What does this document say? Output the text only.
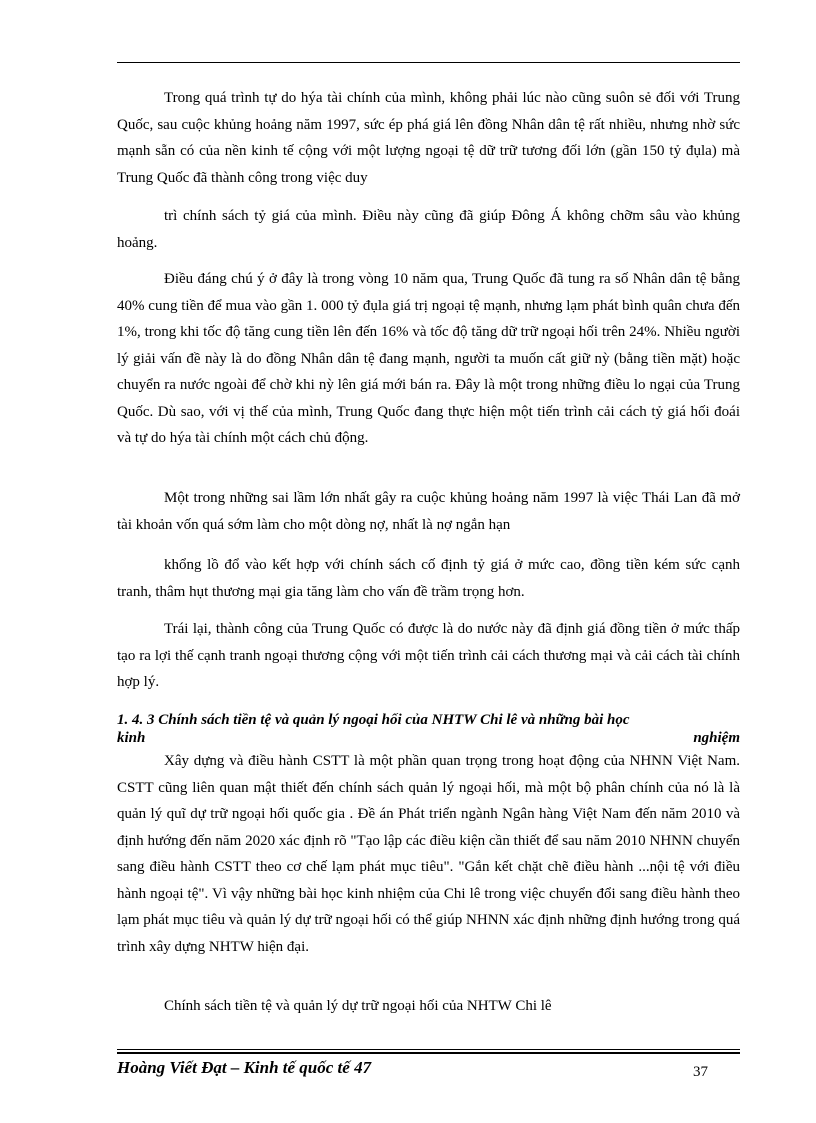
Trong quá trình tự do hýa tài chính của mình, không phải lúc nào cũng suôn sẻ đối với Trung Quốc, sau cuộc khủng hoảng năm 1997, sức ép phá giá lên đồng Nhân dân tệ rất nhiều, nhưng nhờ sức mạnh sẵn có của nền kinh tế cộng với một lượng ngoại tệ dữ trữ tương đối lớn (gần 150 tỷ đụla) mà Trung Quốc đã thành công trong việc duy

trì chính sách tỷ giá của mình. Điều này cũng đã giúp Đông Á không chỡm sâu vào khủng hoảng.

Điều đáng chú ý ở đây là trong vòng 10 năm qua, Trung Quốc đã tung ra số Nhân dân tệ bằng 40% cung tiền để mua vào gần 1. 000 tỷ đụla giá trị ngoại tệ mạnh, nhưng lạm phát bình quân chưa đến 1%, trong khi tốc độ tăng cung tiền lên đến 16% và tốc độ tăng dữ trữ ngoại hối trên 24%. Nhiều người lý giải vấn đề này là do đồng Nhân dân tệ đang mạnh, người ta muốn cất giữ nỳ (bằng tiền mặt) hoặc chuyển ra nước ngoài để chờ khi nỳ lên giá mới bán ra. Đây là một trong những điều lo ngại của Trung Quốc. Dù sao, với vị thế của mình, Trung Quốc đang thực hiện một tiến trình cải cách tỷ giá hối đoái và tự do hýa tài chính một cách chủ động.

Một trong những sai lầm lớn nhất gây ra cuộc khủng hoảng năm 1997 là việc Thái Lan đã mở tài khoản vốn quá sớm làm cho một dòng nợ, nhất là nợ ngắn hạn

khổng lồ đổ vào kết hợp với chính sách cố định tỷ giá ở mức cao, đồng tiền kém sức cạnh tranh, thâm hụt thương mại gia tăng làm cho vấn đề trầm trọng hơn.

Trái lại, thành công của Trung Quốc có được là do nước này đã định giá đồng tiền ở mức thấp tạo ra lợi thế cạnh tranh ngoại thương cộng với một tiến trình cải cách thương mại và cải cách tài chính hợp lý.

1. 4. 3 Chính sách tiền tệ và quản lý ngoại hối của NHTW Chi lê và những bài học
kinh	nghiệm

Xây dựng và điều hành CSTT là một phần quan trọng trong hoạt động của NHNN Việt Nam. CSTT cũng liên quan mật thiết đến chính sách quản lý ngoại hối, mà một bộ phân chính của nó là là quản lý quĩ dự trữ ngoại hối quốc gia . Đề án Phát triển ngành Ngân hàng Việt Nam đến năm 2010 và định hướng đến năm 2020 xác định rõ "Tạo lập các điều kiện cần thiết để sau năm 2010 NHNN chuyển sang điều hành CSTT theo cơ chế lạm phát mục tiêu". "Gắn kết chặt chẽ điều hành ...nội tệ với điều hành ngoại tệ". Vì vậy những bài học kinh nhiệm của Chi lê trong việc chuyển đổi sang điều hành theo lạm phát mục tiêu và quản lý dự trữ ngoại hối có thể giúp NHNN xác định những định hướng trong quá trình xây dựng NHTW hiện đại.

Chính sách tiền tệ và quản lý dự trữ ngoại hối của NHTW Chi lê

Hoàng Viết Đạt – Kinh tế quốc tế 47	37
